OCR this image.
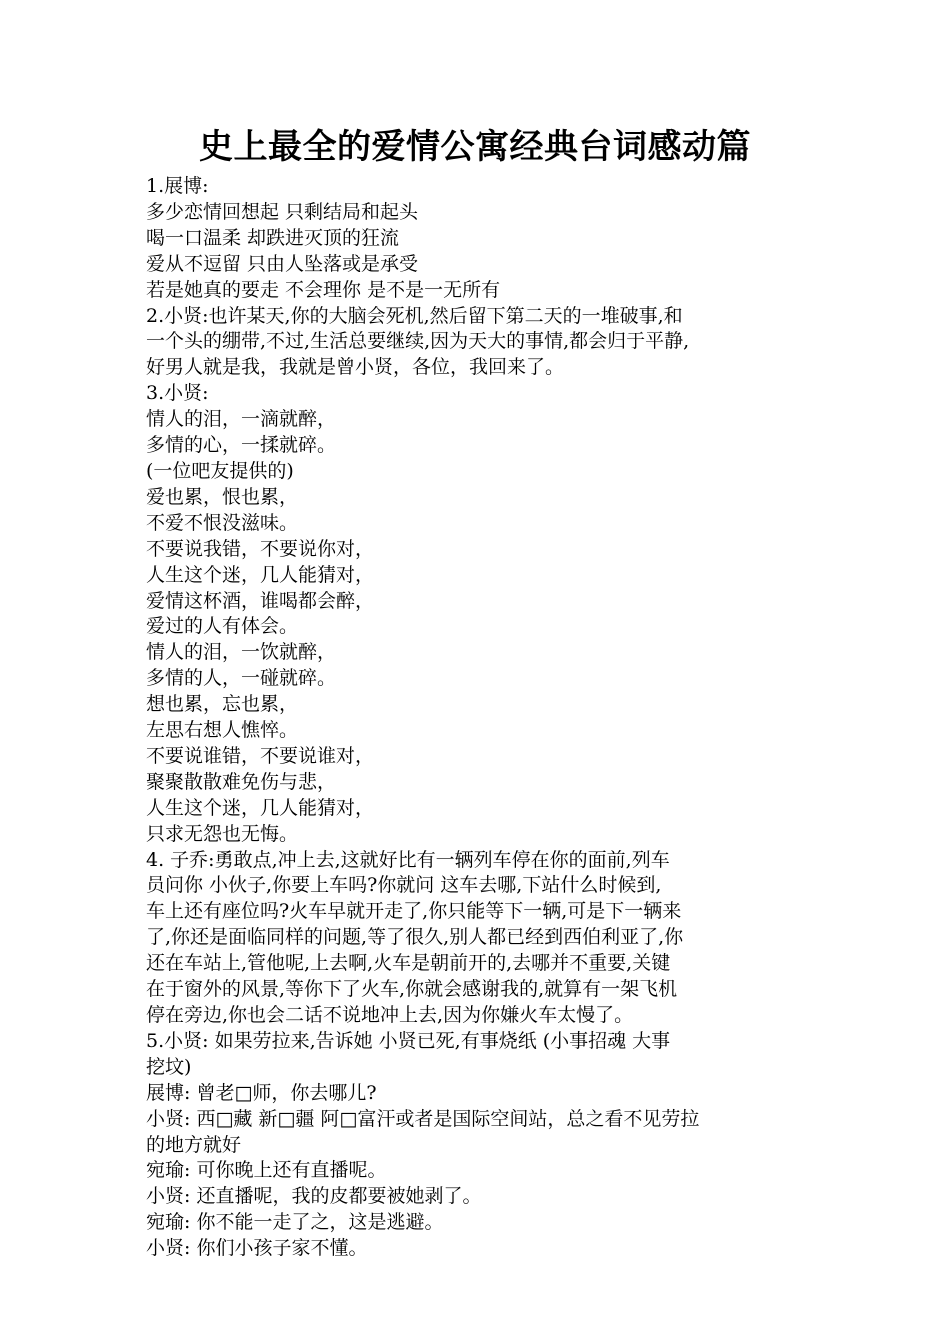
史上最全的爱情公寓经典台词感动篇
1.展博:
多少恋情回想起 只剩结局和起头
喝一口温柔 却跌进灭顶的狂流
爱从不逗留 只由人坠落或是承受
若是她真的要走 不会理你 是不是一无所有
2.小贤:也许某天,你的大脑会死机,然后留下第二天的一堆破事,和
一个头的绷带,不过,生活总要继续,因为天大的事情,都会归于平静,
好男人就是我，我就是曾小贤，各位，我回来了。
3.小贤:
情人的泪，一滴就醉，
多情的心，一揉就碎。
(一位吧友提供的)
爱也累，恨也累，
不爱不恨没滋味。
不要说我错，不要说你对，
人生这个迷，几人能猜对，
爱情这杯酒，谁喝都会醉，
爱过的人有体会。
情人的泪，一饮就醉，
多情的人，一碰就碎。
想也累，忘也累，
左思右想人憔悴。
不要说谁错，不要说谁对，
聚聚散散难免伤与悲，
人生这个迷，几人能猜对，
只求无怨也无悔。
4. 子乔:勇敢点,冲上去,这就好比有一辆列车停在你的面前,列车
员问你 小伙子,你要上车吗?你就问 这车去哪,下站什么时候到,
车上还有座位吗?火车早就开走了,你只能等下一辆,可是下一辆来
了,你还是面临同样的问题,等了很久,别人都已经到西伯利亚了,你
还在车站上,管他呢,上去啊,火车是朝前开的,去哪并不重要,关键
在于窗外的风景,等你下了火车,你就会感谢我的,就算有一架飞机
停在旁边,你也会二话不说地冲上去,因为你嫌火车太慢了。
5.小贤: 如果劳拉来,告诉她 小贤已死,有事烧纸 (小事招魂 大事
挖坟)
展博: 曾老□师，你去哪儿?
小贤: 西□藏 新□疆 阿□富汗或者是国际空间站，总之看不见劳拉
的地方就好
宛瑜: 可你晚上还有直播呢。
小贤: 还直播呢，我的皮都要被她剥了。
宛瑜: 你不能一走了之，这是逃避。
小贤: 你们小孩子家不懂。
